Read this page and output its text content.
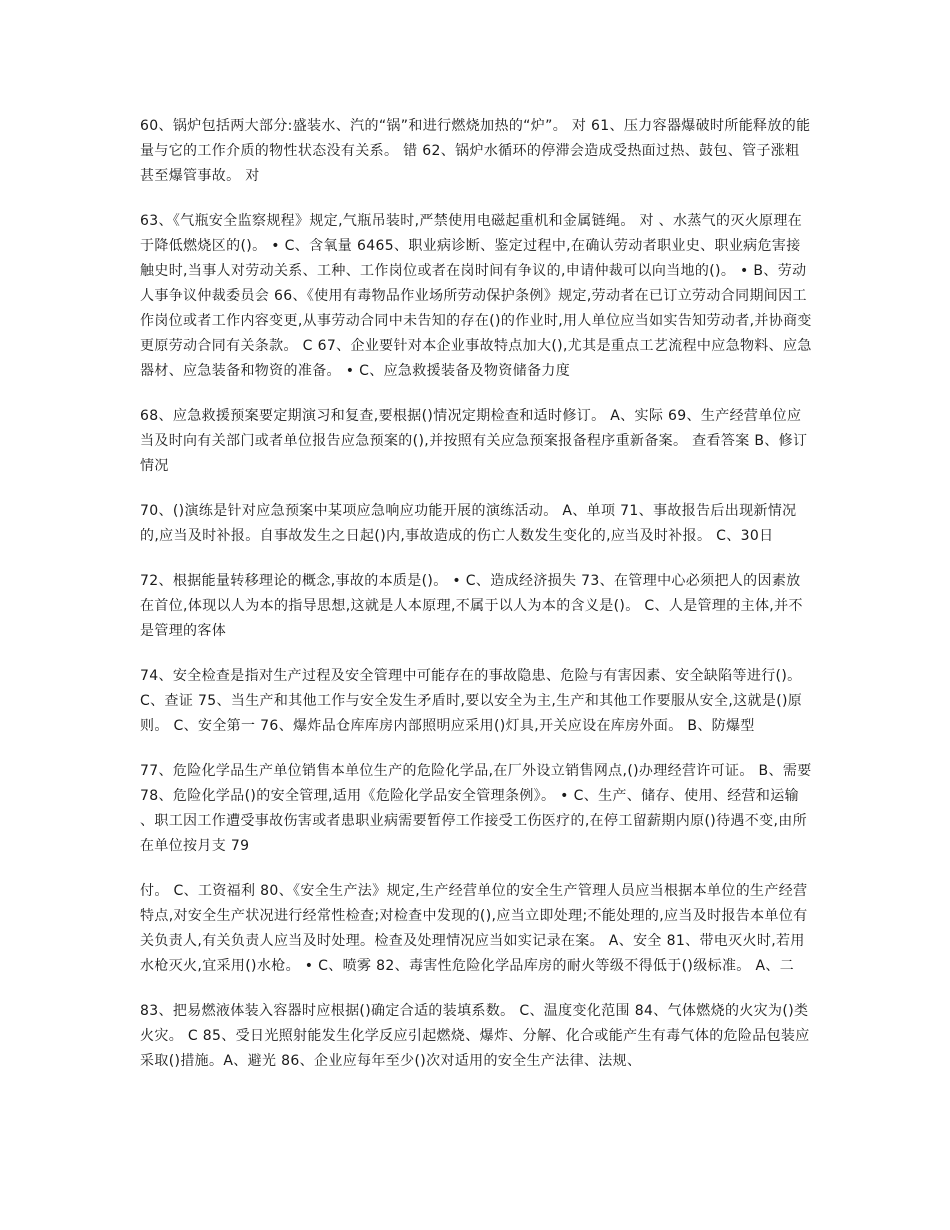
60、锅炉包括两大部分:盛装水、汽的“锅”和进行燃烧加热的“炉”。 对 61、压力容器爆破时所能释放的能量与它的工作介质的物性状态没有关系。 错 62、锅炉水循环的停滞会造成受热面过热、鼓包、管子涨粗甚至爆管事故。 对

63、《气瓶安全监察规程》规定,气瓶吊装时,严禁使用电磁起重机和金属链绳。 对 、水蒸气的灭火原理在于降低燃烧区的()。 • C、含氧量 6465、职业病诊断、鉴定过程中,在确认劳动者职业史、职业病危害接触史时,当事人对劳动关系、工种、工作岗位或者在岗时间有争议的,申请仲裁可以向当地的()。 • B、劳动人事争议仲裁委员会 66、《使用有毒物品作业场所劳动保护条例》规定,劳动者在已订立劳动合同期间因工作岗位或者工作内容变更,从事劳动合同中未告知的存在()的作业时,用人单位应当如实告知劳动者,并协商变更原劳动合同有关条款。 C 67、企业要针对本企业事故特点加大(),尤其是重点工艺流程中应急物料、应急器材、应急装备和物资的准备。 • C、应急救援装备及物资储备力度

68、应急救援预案要定期演习和复查,要根据()情况定期检查和适时修订。 A、实际 69、生产经营单位应当及时向有关部门或者单位报告应急预案的(),并按照有关应急预案报备程序重新备案。 查看答案 B、修订情况

70、()演练是针对应急预案中某项应急响应功能开展的演练活动。 A、单项 71、事故报告后出现新情况的,应当及时补报。自事故发生之日起()内,事故造成的伤亡人数发生变化的,应当及时补报。 C、30日

72、根据能量转移理论的概念,事故的本质是()。 • C、造成经济损失 73、在管理中心必须把人的因素放在首位,体现以人为本的指导思想,这就是人本原理,不属于以人为本的含义是()。 C、人是管理的主体,并不是管理的客体

74、安全检查是指对生产过程及安全管理中可能存在的事故隐患、危险与有害因素、安全缺陷等进行()。 C、查证 75、当生产和其他工作与安全发生矛盾时,要以安全为主,生产和其他工作要服从安全,这就是()原则。 C、安全第一 76、爆炸品仓库库房内部照明应采用()灯具,开关应设在库房外面。 B、防爆型

77、危险化学品生产单位销售本单位生产的危险化学品,在厂外设立销售网点,()办理经营许可证。 B、需要 78、危险化学品()的安全管理,适用《危险化学品安全管理条例》。 • C、生产、储存、使用、经营和运输 、职工因工作遭受事故伤害或者患职业病需要暂停工作接受工伤医疗的,在停工留薪期内原()待遇不变,由所在单位按月支 79

付。 C、工资福利 80、《安全生产法》规定,生产经营单位的安全生产管理人员应当根据本单位的生产经营特点,对安全生产状况进行经常性检查;对检查中发现的(),应当立即处理;不能处理的,应当及时报告本单位有关负责人,有关负责人应当及时处理。检查及处理情况应当如实记录在案。 A、安全 81、带电灭火时,若用水枪灭火,宜采用()水枪。 • C、喷雾 82、毒害性危险化学品库房的耐火等级不得低于()级标准。 A、二

83、把易燃液体装入容器时应根据()确定合适的装填系数。 C、温度变化范围 84、气体燃烧的火灾为()类火灾。 C 85、受日光照射能发生化学反应引起燃烧、爆炸、分解、化合或能产生有毒气体的危险品包装应采取()措施。A、避光 86、企业应每年至少()次对适用的安全生产法律、法规、
